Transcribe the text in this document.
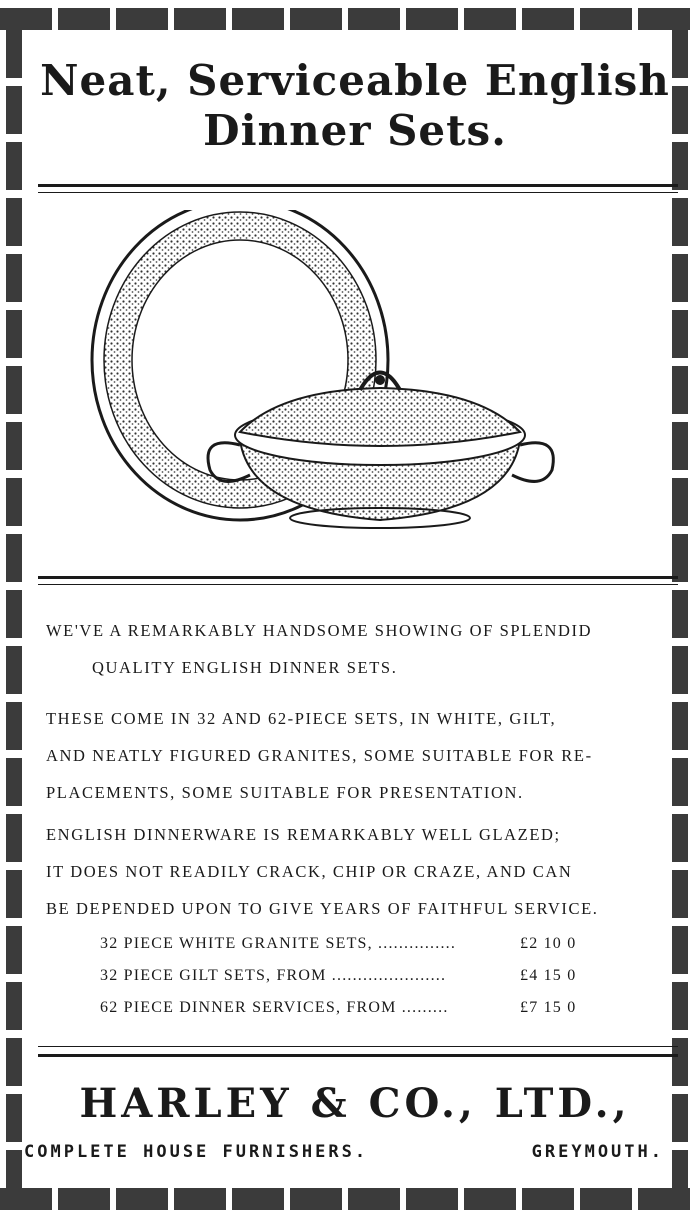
Neat, Serviceable English
Dinner Sets.
WE'VE A REMARKABLY HANDSOME SHOWING OF SPLENDID
QUALITY ENGLISH DINNER SETS.
THESE COME IN 32 AND 62-PIECE SETS, IN WHITE, GILT,
AND NEATLY FIGURED GRANITES, SOME SUITABLE FOR RE-
PLACEMENTS, SOME SUITABLE FOR PRESENTATION.
ENGLISH DINNERWARE IS REMARKABLY WELL GLAZED;
IT DOES NOT READILY CRACK, CHIP OR CRAZE, AND CAN
BE DEPENDED UPON TO GIVE YEARS OF FAITHFUL SERVICE.
32 PIECE WHITE GRANITE SETS, ...............	£2 10 0
32 PIECE GILT SETS, FROM ......................	£4 15 0
62 PIECE DINNER SERVICES, FROM .........	£7 15 0
HARLEY & CO., LTD.,
COMPLETE HOUSE FURNISHERS.	GREYMOUTH.
